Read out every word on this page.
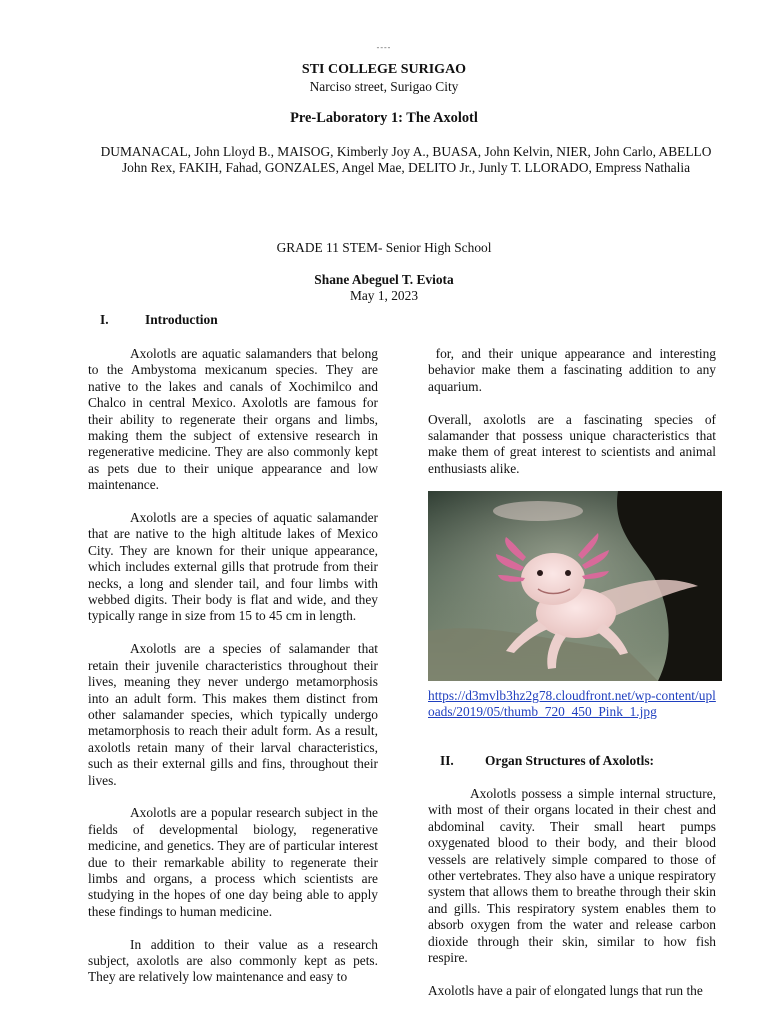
----
STI COLLEGE SURIGAO
Narciso street, Surigao City
Pre-Laboratory 1: The Axolotl
DUMANACAL, John Lloyd B., MAISOG, Kimberly Joy A., BUASA, John Kelvin, NIER, John Carlo, ABELLO John Rex, FAKIH, Fahad, GONZALES, Angel Mae, DELITO Jr., Junly T. LLORADO, Empress Nathalia
GRADE 11 STEM- Senior High School
Shane Abeguel T. Eviota
May 1, 2023
I.	Introduction

Axolotls are aquatic salamanders that belong to the Ambystoma mexicanum species. They are native to the lakes and canals of Xochimilco and Chalco in central Mexico. Axolotls are famous for their ability to regenerate their organs and limbs, making them the subject of extensive research in regenerative medicine. They are also commonly kept as pets due to their unique appearance and low maintenance.

Axolotls are a species of aquatic salamander that are native to the high altitude lakes of Mexico City. They are known for their unique appearance, which includes external gills that protrude from their necks, a long and slender tail, and four limbs with webbed digits. Their body is flat and wide, and they typically range in size from 15 to 45 cm in length.

Axolotls are a species of salamander that retain their juvenile characteristics throughout their lives, meaning they never undergo metamorphosis into an adult form. This makes them distinct from other salamander species, which typically undergo metamorphosis to reach their adult form. As a result, axolotls retain many of their larval characteristics, such as their external gills and fins, throughout their lives.

Axolotls are a popular research subject in the fields of developmental biology, regenerative medicine, and genetics. They are of particular interest due to their remarkable ability to regenerate their limbs and organs, a process which scientists are studying in the hopes of one day being able to apply these findings to human medicine.

In addition to their value as a research subject, axolotls are also commonly kept as pets. They are relatively low maintenance and easy to

for, and their unique appearance and interesting behavior make them a fascinating addition to any aquarium.

Overall, axolotls are a fascinating species of salamander that possess unique characteristics that make them of great interest to scientists and animal enthusiasts alike.

https://d3mvlb3hz2g78.cloudfront.net/wp-content/uploads/2019/05/thumb_720_450_Pink_1.jpg
II. Organ Structures of Axolotls:

Axolotls possess a simple internal structure, with most of their organs located in their chest and abdominal cavity. Their small heart pumps oxygenated blood to their body, and their blood vessels are relatively simple compared to those of other vertebrates. They also have a unique respiratory system that allows them to breathe through their skin and gills. This respiratory system enables them to absorb oxygen from the water and release carbon dioxide through their skin, similar to how fish respire.

Axolotls have a pair of elongated lungs that run the
